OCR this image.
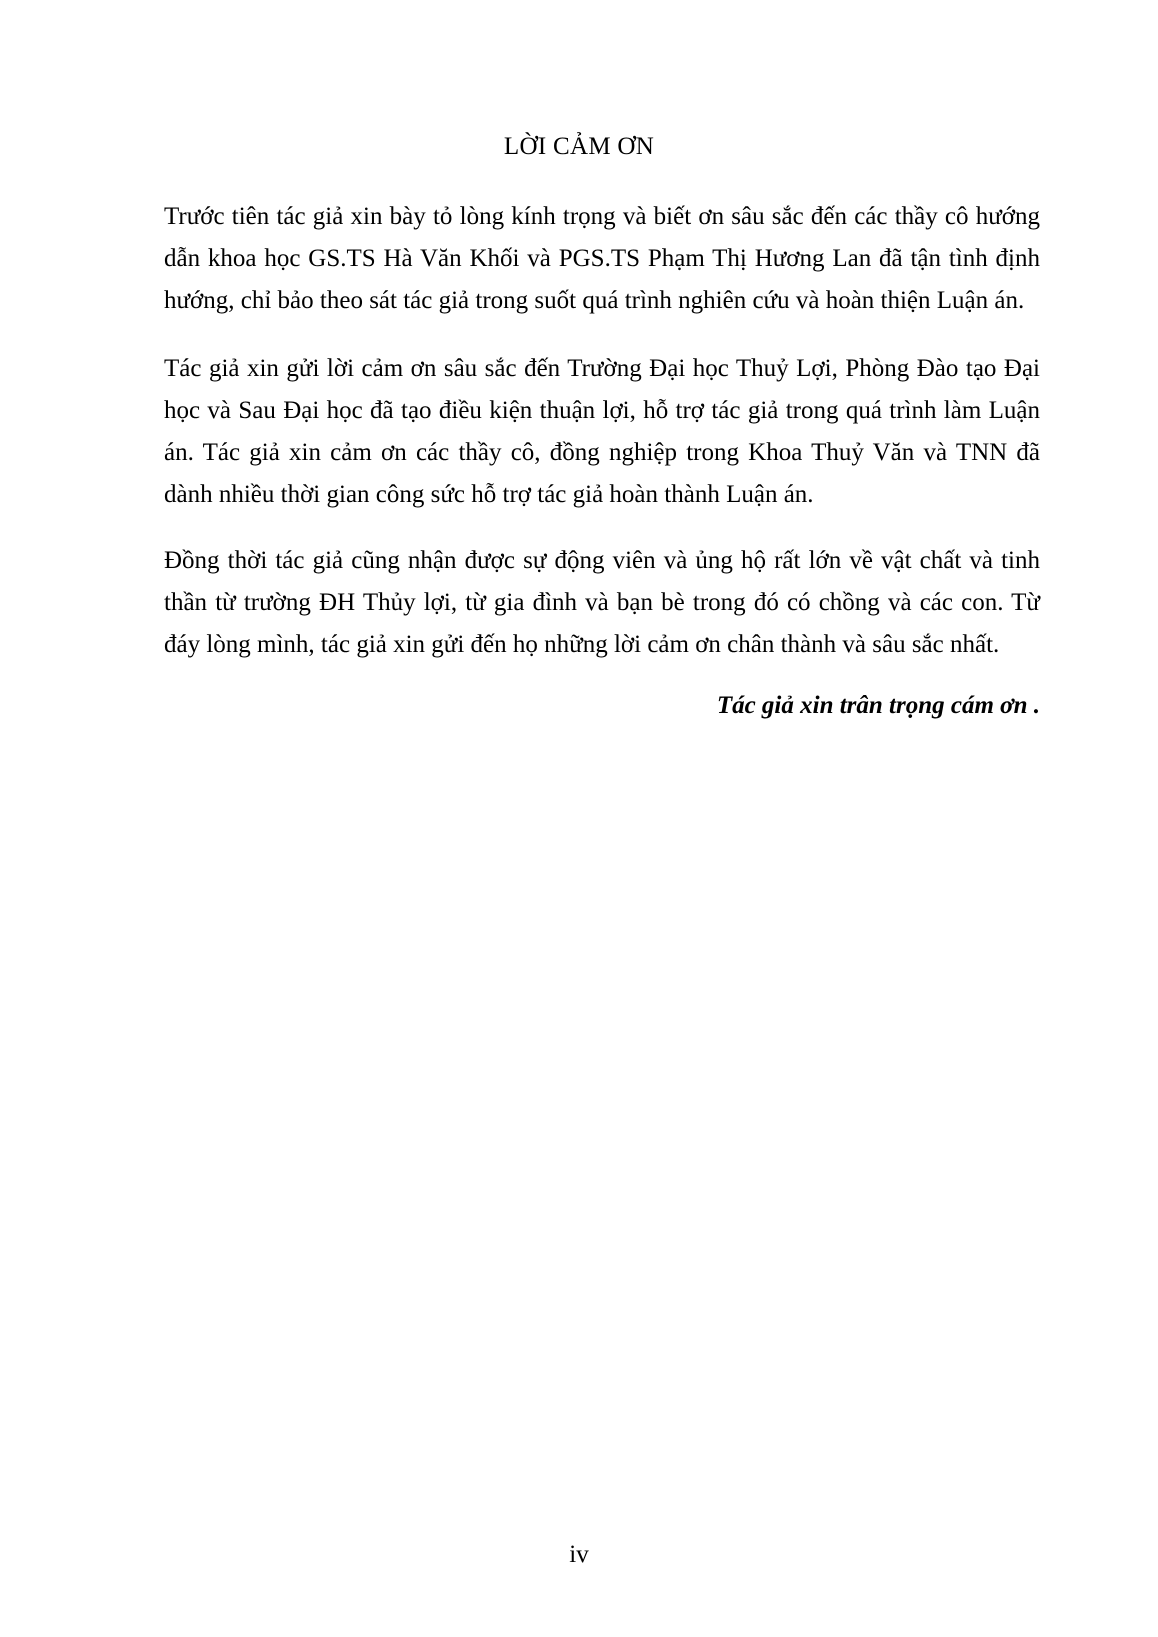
LỜI CẢM ƠN

Trước tiên tác giả xin bày tỏ lòng kính trọng và biết ơn sâu sắc đến các thầy cô hướng dẫn khoa học GS.TS Hà Văn Khối và PGS.TS Phạm Thị Hương Lan đã tận tình định hướng, chỉ bảo theo sát tác giả trong suốt quá trình nghiên cứu và hoàn thiện Luận án.

Tác giả xin gửi lời cảm ơn sâu sắc đến Trường Đại học Thuỷ Lợi, Phòng Đào tạo Đại học và Sau Đại học đã tạo điều kiện thuận lợi, hỗ trợ tác giả trong quá trình làm Luận án. Tác giả xin cảm ơn các thầy cô, đồng nghiệp trong Khoa Thuỷ Văn và TNN đã dành nhiều thời gian công sức hỗ trợ tác giả hoàn thành Luận án.

Đồng thời tác giả cũng nhận được sự động viên và ủng hộ rất lớn về vật chất và tinh thần từ trường ĐH Thủy lợi, từ gia đình và bạn bè trong đó có chồng và các con. Từ đáy lòng mình, tác giả xin gửi đến họ những lời cảm ơn chân thành và sâu sắc nhất.

Tác giả xin trân trọng cám ơn .
iv
